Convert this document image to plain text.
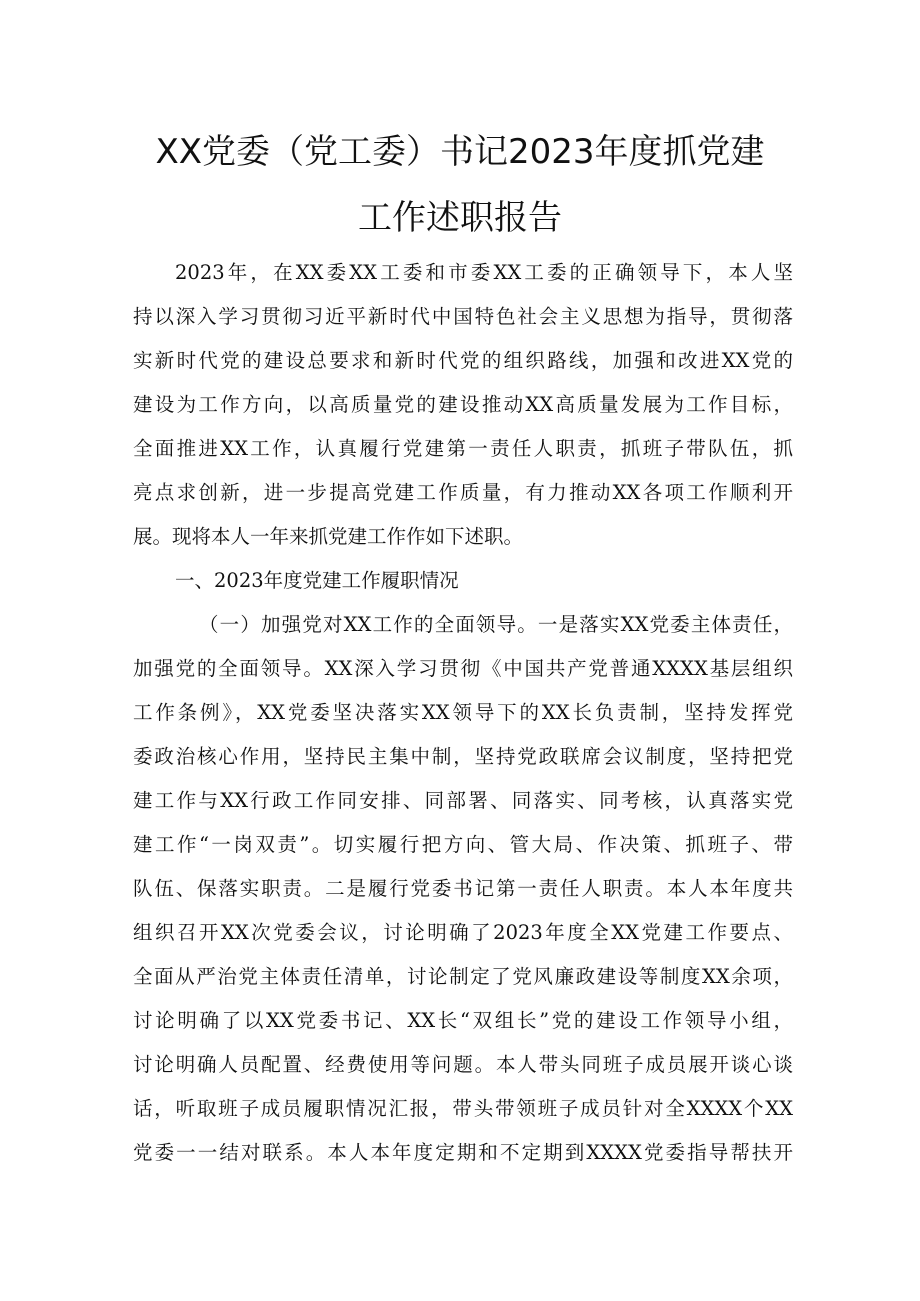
XX党委（党工委）书记2023年度抓党建
工作述职报告
2023年，在XX委XX工委和市委XX工委的正确领导下，本人坚
持以深入学习贯彻习近平新时代中国特色社会主义思想为指导，贯彻落
实新时代党的建设总要求和新时代党的组织路线，加强和改进XX党的
建设为工作方向，以高质量党的建设推动XX高质量发展为工作目标，
全面推进XX工作，认真履行党建第一责任人职责，抓班子带队伍，抓
亮点求创新，进一步提高党建工作质量，有力推动XX各项工作顺利开
展。现将本人一年来抓党建工作作如下述职。
一、2023年度党建工作履职情况
（一）加强党对XX工作的全面领导。一是落实XX党委主体责任，
加强党的全面领导。XX深入学习贯彻《中国共产党普通XXXX基层组织
工作条例》，XX党委坚决落实XX领导下的XX长负责制，坚持发挥党
委政治核心作用，坚持民主集中制，坚持党政联席会议制度，坚持把党
建工作与XX行政工作同安排、同部署、同落实、同考核，认真落实党
建工作“一岗双责”。切实履行把方向、管大局、作决策、抓班子、带
队伍、保落实职责。二是履行党委书记第一责任人职责。本人本年度共
组织召开XX次党委会议，讨论明确了2023年度全XX党建工作要点、
全面从严治党主体责任清单，讨论制定了党风廉政建设等制度XX余项，
讨论明确了以XX党委书记、XX长“双组长”党的建设工作领导小组，
讨论明确人员配置、经费使用等问题。本人带头同班子成员展开谈心谈
话，听取班子成员履职情况汇报，带头带领班子成员针对全XXXX个XX
党委一一结对联系。本人本年度定期和不定期到XXXX党委指导帮扶开
